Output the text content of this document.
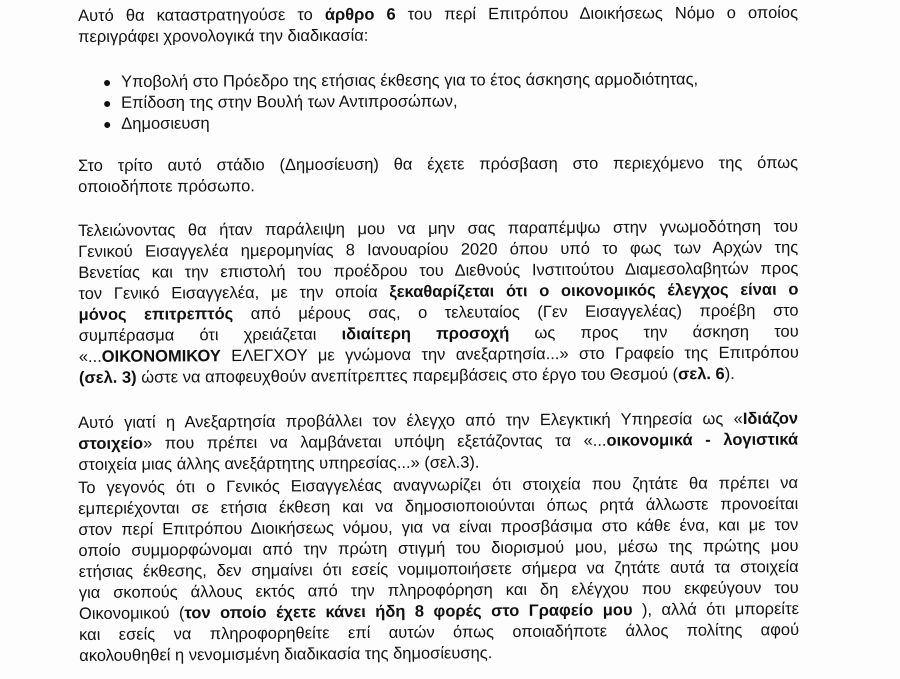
Αυτό θα καταστρατηγούσε το άρθρο 6 του περί Επιτρόπου Διοικήσεως Νόμο ο οποίος

περιγράφει χρονολογικά την διαδικασία:

Υποβολή στο Πρόεδρο της ετήσιας έκθεσης για το έτος άσκησης αρμοδιότητας,
Επίδοση της στην Βουλή των Αντιπροσώπων,
Δημοσιευση

Στο τρίτο αυτό στάδιο (Δημοσίευση) θα έχετε πρόσβαση στο περιεχόμενο της όπως

οποιοδήποτε πρόσωπο.

Τελειώνοντας θα ήταν παράλειψη μου να μην σας παραπέμψω στην γνωμοδότηση του

Γενικού Εισαγγελέα ημερομηνίας 8 Ιανουαρίου 2020 όπου υπό το φως των Αρχών της

Βενετίας και την επιστολή του προέδρου του Διεθνούς Ινστιτούτου Διαμεσολαβητών προς

τον Γενικό Εισαγγελέα, με την οποία ξεκαθαρίζεται ότι ο οικονομικός έλεγχος είναι ο

μόνος επιτρεπτός από μέρους σας, ο τελευταίος (Γεν Εισαγγελέας) προέβη στο

συμπέρασμα ότι χρειάζεται ιδιαίτερη προσοχή ως προς την άσκηση του

«...ΟΙΚΟΝΟΜΙΚΟΥ ΕΛΕΓΧΟΥ με γνώμονα την ανεξαρτησία...» στο Γραφείο της Επιτρόπου

(σελ. 3) ώστε να αποφευχθούν ανεπίτρεπτες παρεμβάσεις στο έργο του Θεσμού (σελ. 6).

Αυτό γιατί η Ανεξαρτησία προβάλλει τον έλεγχο από την Ελεγκτική Υπηρεσία ως «Ιδιάζον

στοιχείο» που πρέπει να λαμβάνεται υπόψη εξετάζοντας τα «...οικονομικά - λογιστικά

στοιχεία μιας άλλης ανεξάρτητης υπηρεσίας...» (σελ.3).

Το γεγονός ότι ο Γενικός Εισαγγελέας αναγνωρίζει ότι στοιχεία που ζητάτε θα πρέπει να

εμπεριέχονται σε ετήσια έκθεση και να δημοσιοποιούνται όπως ρητά άλλωστε προνοείται

στον περί Επιτρόπου Διοικήσεως νόμου, για να είναι προσβάσιμα στο κάθε ένα, και με τον

οποίο συμμορφώνομαι από την πρώτη στιγμή του διορισμού μου, μέσω της πρώτης μου

ετήσιας έκθεσης, δεν σημαίνει ότι εσείς νομιμοποιήσετε σήμερα να ζητάτε αυτά τα στοιχεία

για σκοπούς άλλους εκτός από την πληροφόρηση και δη ελέγχου που εκφεύγουν του

Οικονομικού (τον οποίο έχετε κάνει ήδη 8 φορές στο Γραφείο μου ), αλλά ότι μπορείτε

και εσείς να πληροφορηθείτε επί αυτών όπως οποιαδήποτε άλλος πολίτης αφού

ακολουθηθεί η νενομισμένη διαδικασία της δημοσίευσης.
